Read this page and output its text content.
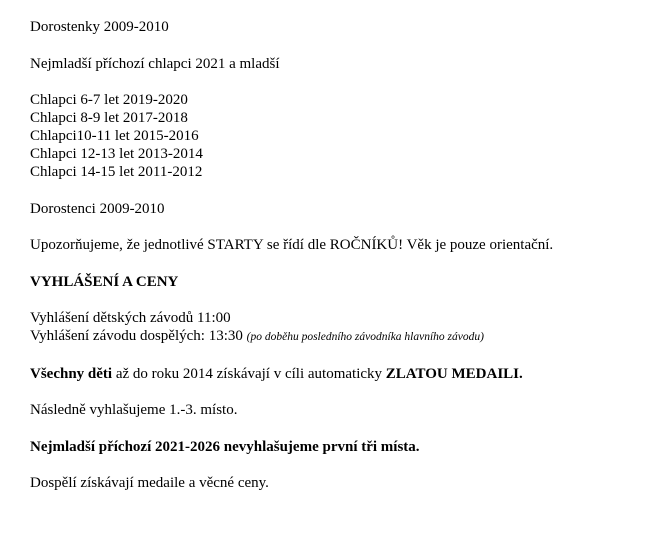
Dorostenky 2009-2010
Nejmladší příchozí chlapci 2021 a mladší
Chlapci 6-7 let 2019-2020
Chlapci 8-9 let 2017-2018
Chlapci10-11 let 2015-2016
Chlapci 12-13 let 2013-2014
Chlapci 14-15 let 2011-2012
Dorostenci 2009-2010
Upozorňujeme, že jednotlivé STARTY se řídí dle ROČNÍKŮ! Věk je pouze orientační.
VYHLÁŠENÍ A CENY
Vyhlášení dětských závodů 11:00
Vyhlášení závodu dospělých: 13:30 (po doběhu posledního závodníka hlavního závodu)
Všechny děti až do roku 2014 získávají v cíli automaticky ZLATOU MEDAILI.
Následně vyhlašujeme 1.-3. místo.
Nejmladší příchozí 2021-2026 nevyhlašujeme první tři místa.
Dospělí získávají medaile a věcné ceny.
